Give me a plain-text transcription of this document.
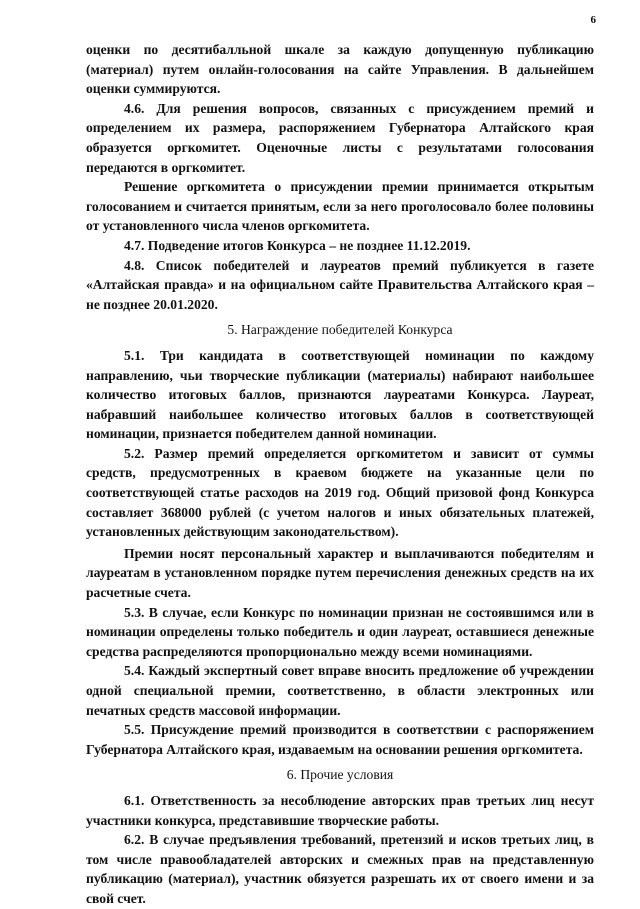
6

оценки по десятибалльной шкале за каждую допущенную публикацию (материал) путем онлайн-голосования на сайте Управления. В дальнейшем оценки суммируются.

4.6. Для решения вопросов, связанных с присуждением премий и определением их размера, распоряжением Губернатора Алтайского края образуется оргкомитет. Оценочные листы с результатами голосования передаются в оргкомитет.

Решение оргкомитета о присуждении премии принимается открытым голосованием и считается принятым, если за него проголосовало более половины от установленного числа членов оргкомитета.

4.7. Подведение итогов Конкурса – не позднее 11.12.2019.

4.8. Список победителей и лауреатов премий публикуется в газете «Алтайская правда» и на официальном сайте Правительства Алтайского края – не позднее 20.01.2020.

5. Награждение победителей Конкурса

5.1. Три кандидата в соответствующей номинации по каждому направлению, чьи творческие публикации (материалы) набирают наибольшее количество итоговых баллов, признаются лауреатами Конкурса. Лауреат, набравший наибольшее количество итоговых баллов в соответствующей номинации, признается победителем данной номинации.

5.2. Размер премий определяется оргкомитетом и зависит от суммы средств, предусмотренных в краевом бюджете на указанные цели по соответствующей статье расходов на 2019 год. Общий призовой фонд Конкурса составляет 368000 рублей (с учетом налогов и иных обязательных платежей, установленных действующим законодательством).

Премии носят персональный характер и выплачиваются победителям и лауреатам в установленном порядке путем перечисления денежных средств на их расчетные счета.

5.3. В случае, если Конкурс по номинации признан не состоявшимся или в номинации определены только победитель и один лауреат, оставшиеся денежные средства распределяются пропорционально между всеми номинациями.

5.4. Каждый экспертный совет вправе вносить предложение об учреждении одной специальной премии, соответственно, в области электронных или печатных средств массовой информации.

5.5. Присуждение премий производится в соответствии с распоряжением Губернатора Алтайского края, издаваемым на основании решения оргкомитета.

6. Прочие условия

6.1. Ответственность за несоблюдение авторских прав третьих лиц несут участники конкурса, представившие творческие работы.

6.2. В случае предъявления требований, претензий и исков третьих лиц, в том числе правообладателей авторских и смежных прав на представленную публикацию (материал), участник обязуется разрешать их от своего имени и за свой счет.
